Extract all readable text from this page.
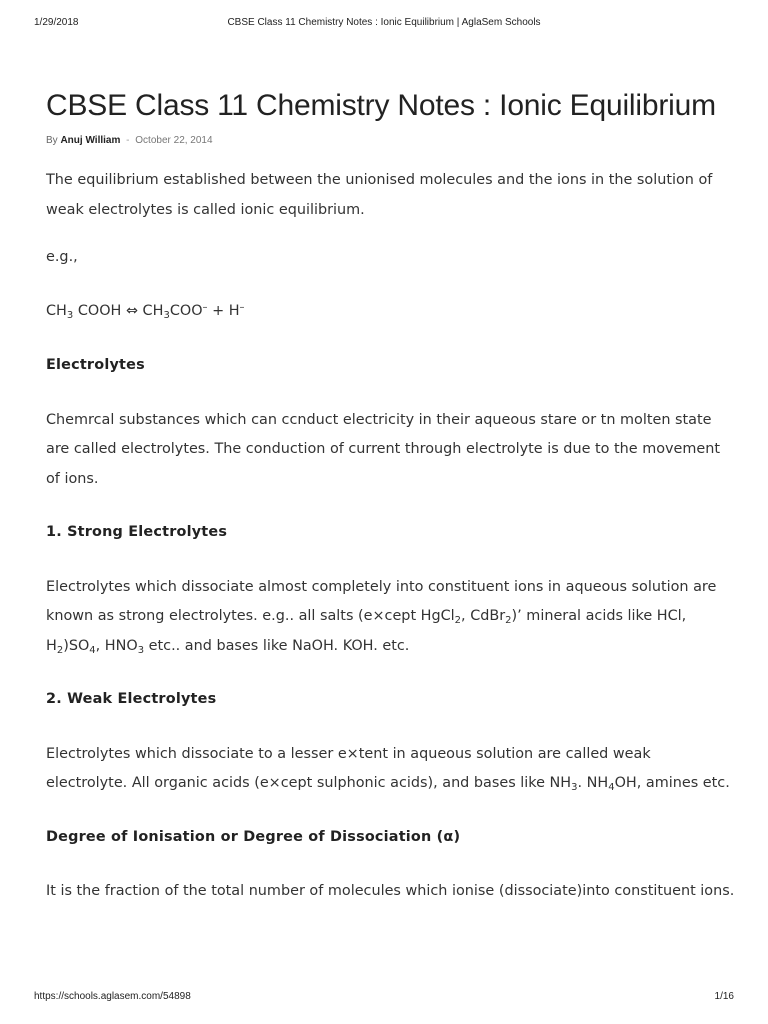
1/29/2018	CBSE Class 11 Chemistry Notes : Ionic Equilibrium | AglaSem Schools
CBSE Class 11 Chemistry Notes : Ionic Equilibrium
By Anuj William - October 22, 2014

The equilibrium established between the unionised molecules and the ions in the solution of weak electrolytes is called ionic equilibrium.

e.g.,

$CH_3$ COOH ⇔ $CH_3COO^- + H^-$

Electrolytes

Chemrcal substances which can ccnduct electricity in their aqueous stare or tn molten state are called electrolytes. The conduction of current through electrolyte is due to the movement of ions.

1. Strong Electrolytes

Electrolytes which dissociate almost completely into constituent ions in aqueous solution are known as strong electrolytes. e.g.. all salts (e×cept HgCl$_2$, CdBr$_2$)’ mineral acids like HCl, $H_2)SO_4$, $HNO_3$ etc.. and bases like NaOH. KOH. etc.

2. Weak Electrolytes

Electrolytes which dissociate to a lesser e×tent in aqueous solution are called weak electrolyte. All organic acids (e×cept sulphonic acids), and bases like $NH_3$. $NH_4OH$, amines etc.

Degree of Ionisation or Degree of Dissociation (α)

It is the fraction of the total number of molecules which ionise (dissociate)into constituent ions.

https://schools.aglasem.com/54898	1/16
